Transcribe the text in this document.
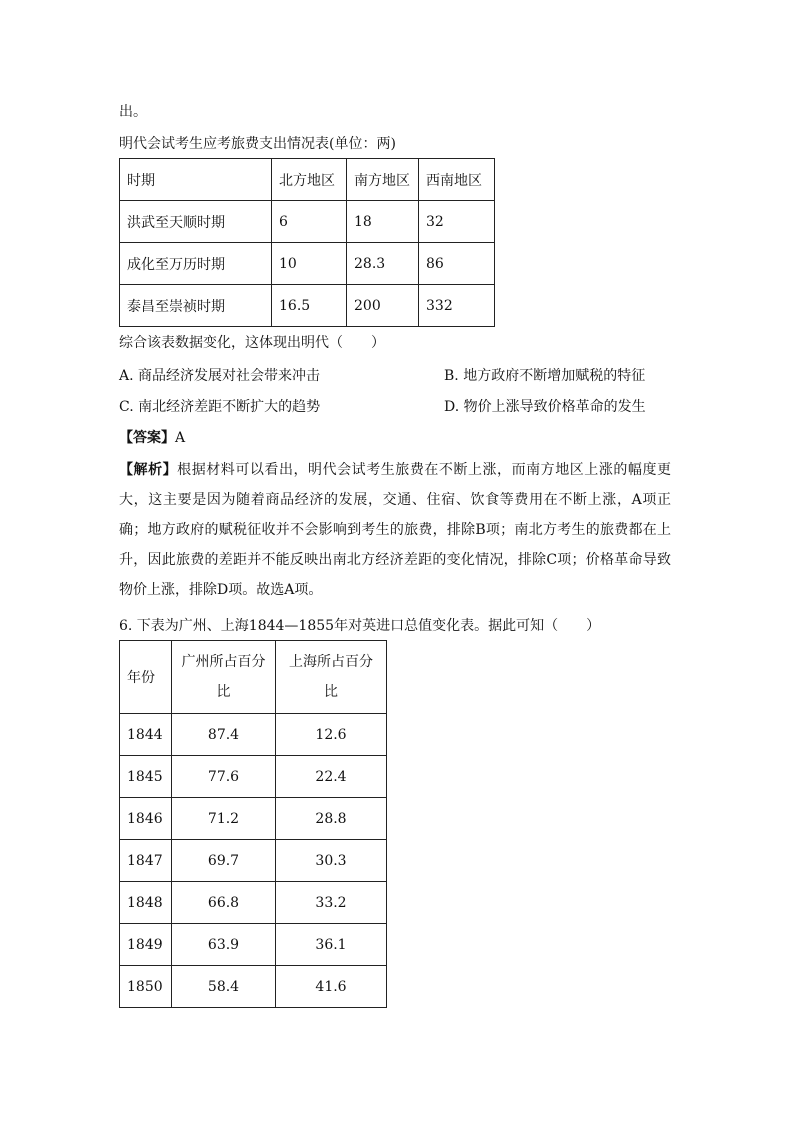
出。
明代会试考生应考旅费支出情况表(单位：两)
时期	北方地区	南方地区	西南地区
洪武至天顺时期	6	18	32
成化至万历时期	10	28.3	86
泰昌至崇祯时期	16.5	200	332
综合该表数据变化，这体现出明代（　　）
A. 商品经济发展对社会带来冲击	B. 地方政府不断增加赋税的特征
C. 南北经济差距不断扩大的趋势	D. 物价上涨导致价格革命的发生
【答案】A
【解析】根据材料可以看出，明代会试考生旅费在不断上涨，而南方地区上涨的幅度更大，这主要是因为随着商品经济的发展，交通、住宿、饮食等费用在不断上涨，A项正确；地方政府的赋税征收并不会影响到考生的旅费，排除B项；南北方考生的旅费都在上升，因此旅费的差距并不能反映出南北方经济差距的变化情况，排除C项；价格革命导致物价上涨，排除D项。故选A项。
6. 下表为广州、上海1844—1855年对英进口总值变化表。据此可知（　　）
年份	广州所占百分比	上海所占百分比

1844	87.4	12.6
1845	77.6	22.4
1846	71.2	28.8
1847	69.7	30.3
1848	66.8	33.2
1849	63.9	36.1
1850	58.4	41.6
